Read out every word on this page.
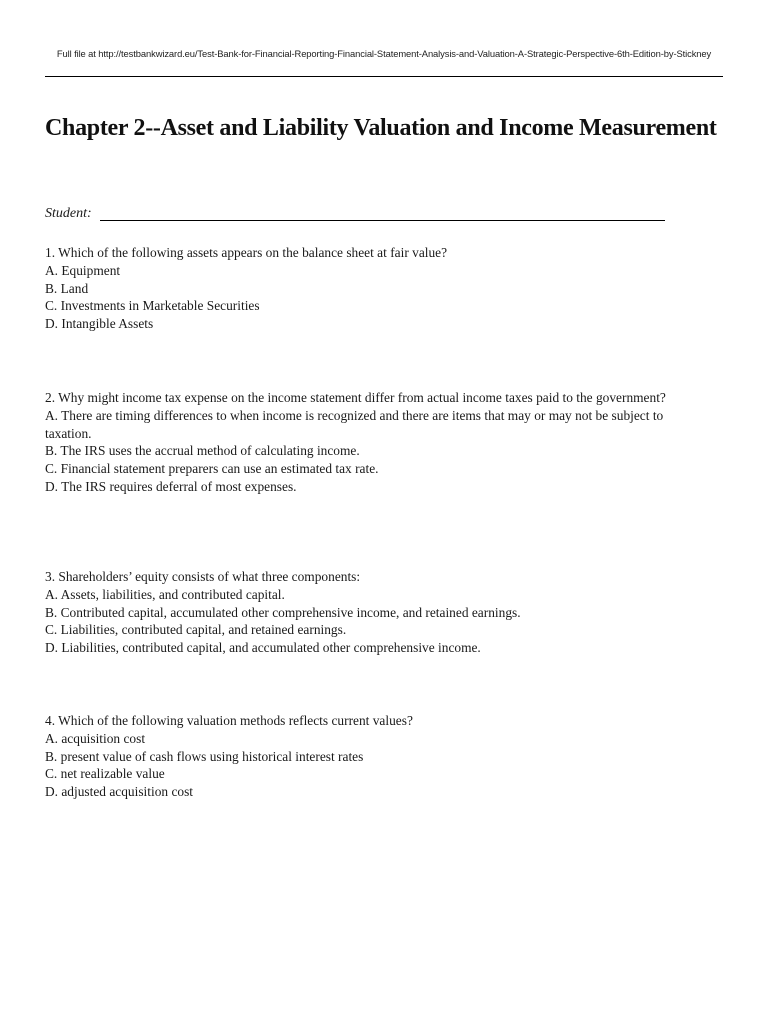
Full file at http://testbankwizard.eu/Test-Bank-for-Financial-Reporting-Financial-Statement-Analysis-and-Valuation-A-Strategic-Perspective-6th-Edition-by-Stickney
Chapter 2--Asset and Liability Valuation and Income Measurement
Student:
1. Which of the following assets appears on the balance sheet at fair value?
A. Equipment
B. Land
C. Investments in Marketable Securities
D. Intangible Assets
2. Why might income tax expense on the income statement differ from actual income taxes paid to the government?
A. There are timing differences to when income is recognized and there are items that may or may not be subject to taxation.
B. The IRS uses the accrual method of calculating income.
C. Financial statement preparers can use an estimated tax rate.
D. The IRS requires deferral of most expenses.
3. Shareholders’ equity consists of what three components:
A. Assets, liabilities, and contributed capital.
B. Contributed capital, accumulated other comprehensive income, and retained earnings.
C. Liabilities, contributed capital, and retained earnings.
D. Liabilities, contributed capital, and accumulated other comprehensive income.
4. Which of the following valuation methods reflects current values?
A. acquisition cost
B. present value of cash flows using historical interest rates
C. net realizable value
D. adjusted acquisition cost
